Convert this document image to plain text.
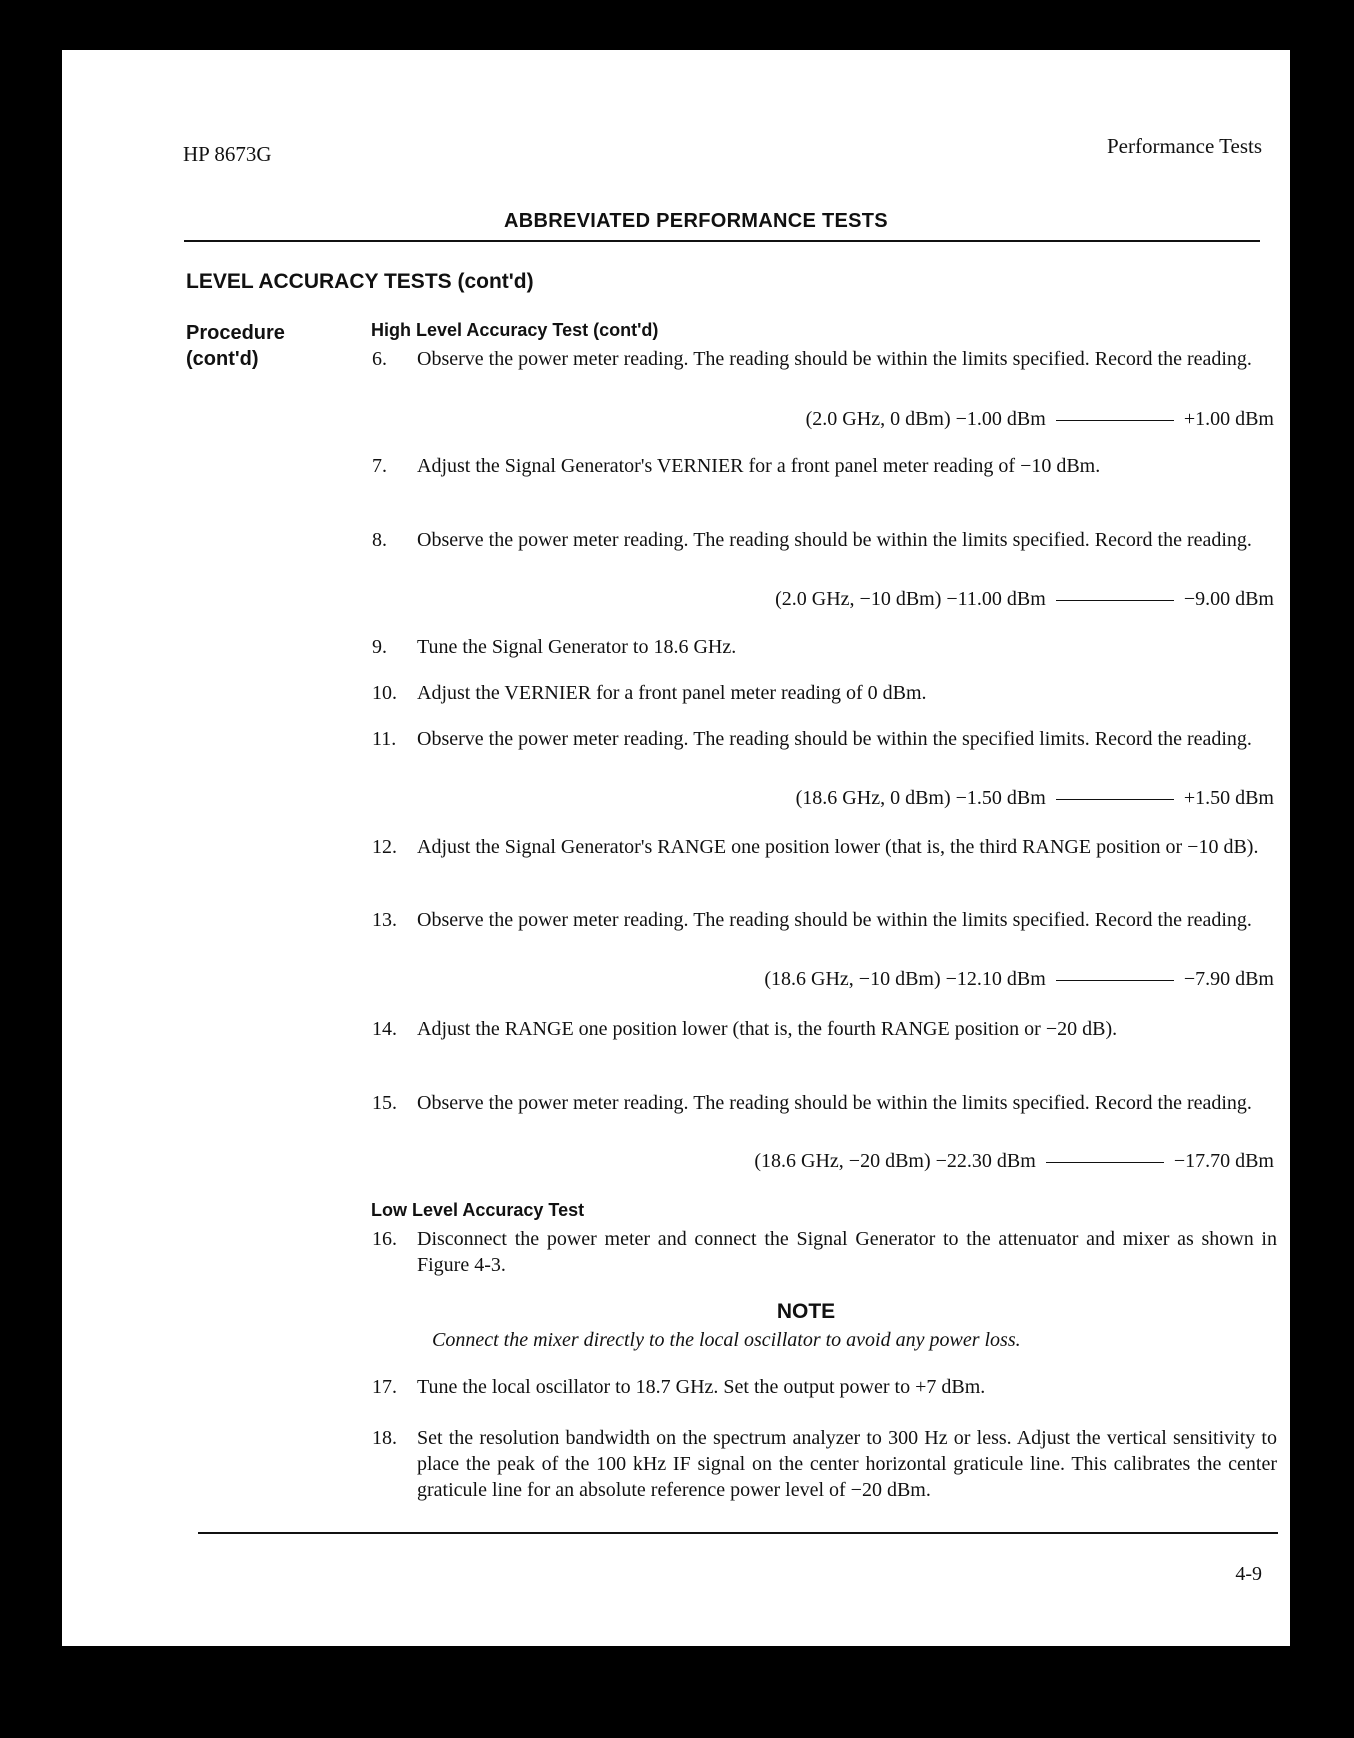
HP 8673G	Performance Tests
ABBREVIATED PERFORMANCE TESTS
LEVEL ACCURACY TESTS (cont'd)
Procedure
(cont'd)
High Level Accuracy Test (cont'd)
6.	Observe the power meter reading. The reading should be within the limits specified. Record the reading.
(2.0 GHz, 0 dBm) −1.00 dBm	+1.00 dBm
7.	Adjust the Signal Generator's VERNIER for a front panel meter reading of −10 dBm.
8.	Observe the power meter reading. The reading should be within the limits specified. Record the reading.
(2.0 GHz, −10 dBm) −11.00 dBm	−9.00 dBm
9.	Tune the Signal Generator to 18.6 GHz.
10.	Adjust the VERNIER for a front panel meter reading of 0 dBm.
11.	Observe the power meter reading. The reading should be within the specified limits. Record the reading.
(18.6 GHz, 0 dBm) −1.50 dBm	+1.50 dBm
12.	Adjust the Signal Generator's RANGE one position lower (that is, the third RANGE position or −10 dB).
13.	Observe the power meter reading. The reading should be within the limits specified. Record the reading.
(18.6 GHz, −10 dBm) −12.10 dBm	−7.90 dBm
14.	Adjust the RANGE one position lower (that is, the fourth RANGE position or −20 dB).
15.	Observe the power meter reading. The reading should be within the limits specified. Record the reading.
(18.6 GHz, −20 dBm) −22.30 dBm	−17.70 dBm
Low Level Accuracy Test
16.	Disconnect the power meter and connect the Signal Generator to the attenuator and mixer as shown in Figure 4-3.
NOTE
Connect the mixer directly to the local oscillator to avoid any power loss.
17.	Tune the local oscillator to 18.7 GHz. Set the output power to +7 dBm.
18.	Set the resolution bandwidth on the spectrum analyzer to 300 Hz or less. Adjust the vertical sensitivity to place the peak of the 100 kHz IF signal on the center horizontal graticule line. This calibrates the center graticule line for an absolute reference power level of −20 dBm.
4-9
